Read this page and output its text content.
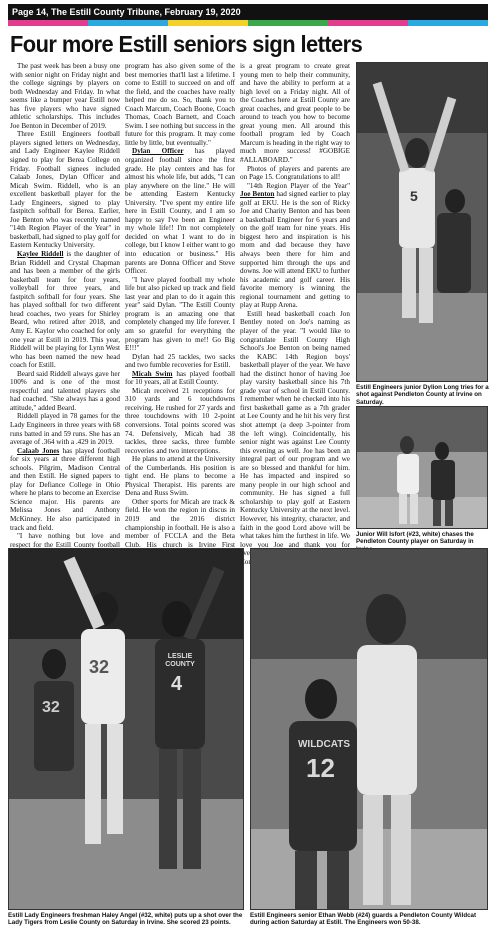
Page 14, The Estill County Tribune, February 19, 2020
Four more Estill seniors sign letters

The past week has been a busy one with senior night on Friday night and the college signings by players on both Wednesday and Friday. In what seems like a bumper year Estill now has five players who have signed athletic scholarships. This includes Joe Benton in December of 2019.

Three Estill Engineers football players signed letters on Wednesday, and Lady Engineer Kaylee Riddell signed to play for Berea College on Friday. Football signees included Calaab Jones, Dylan Officer and Micah Swim. Riddell, who is an excellent basketball player for the Lady Engineers, signed to play fastpitch softball for Berea. Earlier, Joe Benton who was recently named "14th Region Player of the Year" in basketball, had signed to play golf for Eastern Kentucky University.

Kaylee Riddell is the daughter of Brian Riddell and Crystal Chapman and has been a member of the girls basketball team for four years, volleyball for three years, and fastpitch softball for four years. She has played softball for two different head coaches, two years for Shirley Beard, who retired after 2018, and Amy E. Kaylor who coached for only one year at Estill in 2019. This year, Riddell will be playing for Lynn West who has been named the new head coach for Estill.

Beard said Riddell always gave her 100% and is one of the most respectful and talented players she had coached. "She always has a good attitude," added Beard.

Riddell played in 78 games for the Lady Engineers in three years with 68 runs batted in and 59 runs. She has an average of .364 with a .429 in 2019.

Calaab Jones has played football for six years at three different high schools. Pilgrim, Madison Central and then Estill. He signed papers to play for Defiance College in Ohio where he plans to become an Exercise Science major. His parents are Melissa Jones and Anthony McKinney. He also participated in track and field.

"I have nothing but love and respect for the Estill County football

program has also given some of the best memories that'll last a lifetime. I come to Estill to succeed on and off the field, and the coaches have really helped me do so. So, thank you to Coach Marcum, Coach Boone, Coach Thomas, Coach Barnett, and Coach Swim. I see nothing but success in the future for this program. It may come little by little, but eventually."

Dylan Officer has played organized football since the first grade. He play centers and has for almost his whole life, but adds, "I can play anywhere on the line." He will be attending Eastern Kentucky University. "I've spent my entire life here in Estill County, and I am so happy to say I've been an Engineer my whole life!! I'm not completely decided on what I want to do in college, but I know I either want to go into education or business." His parents are Donna Officer and Steve Officer.

"I have played football my whole life but also picked up track and field last year and plan to do it again this year" said Dylan. "The Estill County program is an amazing one that completely changed my life forever. I am so grateful for everything the program has given to me!! Go Big E!!!"

Dylan had 25 tackles, two sacks and two fumble recoveries for Estill.

Micah Swim has played football for 10 years, all at Estill County.

Micah received 21 receptions for 310 yards and 6 touchdowns receiving. He rushed for 27 yards and three touchdowns with 10 2-point conversions. Total points scored was 74. Defensively, Micah had 38 tackles, three sacks, three fumble recoveries and two interceptions.

He plans to attend at the University of the Cumberlands. His position is tight end. He plans to become a Physical Therapist. His parents are Dena and Russ Swim.

Other sports for Micah are track & field. He won the region in discus in 2019 and the 2016 district championship in football. He is also a member of FCCLA and the Beta Club. His church is Irvine First

is a great program to create great young men to help their community, and have the ability to perform at a high level on a Friday night. All of the Coaches here at Estill County are great coaches, and great people to be around to teach you how to become great young men. All around this football program led by Coach Marcum is heading in the right way to much more success! #GOBIGE #ALLABOARD."

Photos of players and parents are on Page 15. Congratulations to all!

"14th Region Player of the Year" Joe Benton had signed earlier to play golf at EKU. He is the son of Ricky Joe and Charity Benton and has been a basketball Engineer for 6 years and on the golf team for nine years. His biggest hero and inspiration is his mom and dad because they have always been there for him and supported him through the ups and downs. Joe will attend EKU to further his academic and golf career. His favorite memory is winning the regional tournament and getting to play at Rupp Arena.

Estill head basketball coach Jon Bentley noted on Joe's naming as player of the year. "I would like to congratulate Estill County High School's Joe Benton on being named the KABC 14th Region boys' basketball player of the year. We have had the distinct honor of having Joe play varsity basketball since his 7th grade year of school in Estill County. I remember when he checked into his first basketball game as a 7th grader at Lee County and he hit his very first shot attempt (a deep 3-pointer from the left wing). Coincidentally, his senior night was against Lee County this evening as well. Joe has been an integral part of our program and we are so blessed and thankful for him. He has impacted and inspired so many people in our high school and community. He has signed a full scholarship to play golf at Eastern Kentucky University at the next level. However, his integrity, character, and faith in the good Lord above will be what takes him the furthest in life. We love you Joe and thank you for

5
Estill Engineers junior Dylion Long tries for a shot against Pendleton County at Irvine on Saturday.
Junior Will Isfort (#23, white) chases the Pendleton County player on Saturday in
32
LESLIE COUNTY
4
32
Estill Lady Engineers freshman Haley Angel (#32, white) puts up a shot over the Lady Tigers from Leslie County on Saturday in Irvine. She scored 23 points.
WILDCATS
12
Estill Engineers senior Ethan Webb (#24) guards a Pendleton County Wildcat during action Saturday at Estill. The Engineers won 50-38.
